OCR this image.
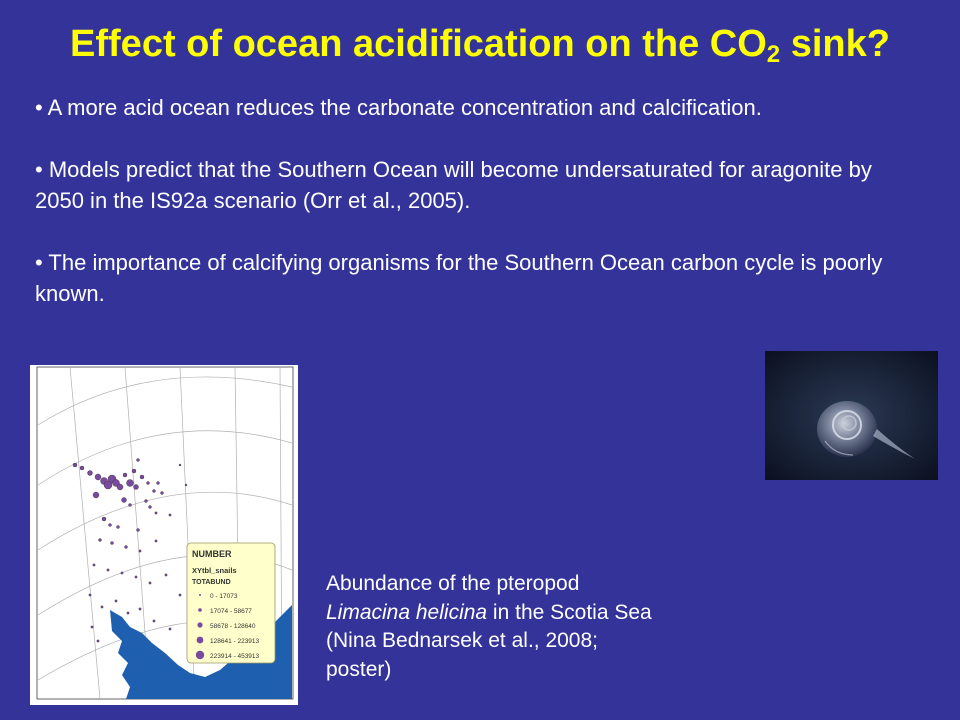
Effect of ocean acidification on the $CO_2$ sink?

• A more acid ocean reduces the carbonate concentration and calcification.

• Models predict that the Southern Ocean will become undersaturated for aragonite by 2050 in the IS92a scenario (Orr et al., 2005).

• The importance of calcifying organisms for the Southern Ocean carbon cycle is poorly known.

NUMBER
XYtbl_snails
TOTABUND
0 - 17073
17074 - 58677
58678 - 128640
128641 - 223913
223914 - 453913
Abundance of the pteropod
Limacina helicina in the Scotia Sea
(Nina Bednarsek et al., 2008;
poster)
